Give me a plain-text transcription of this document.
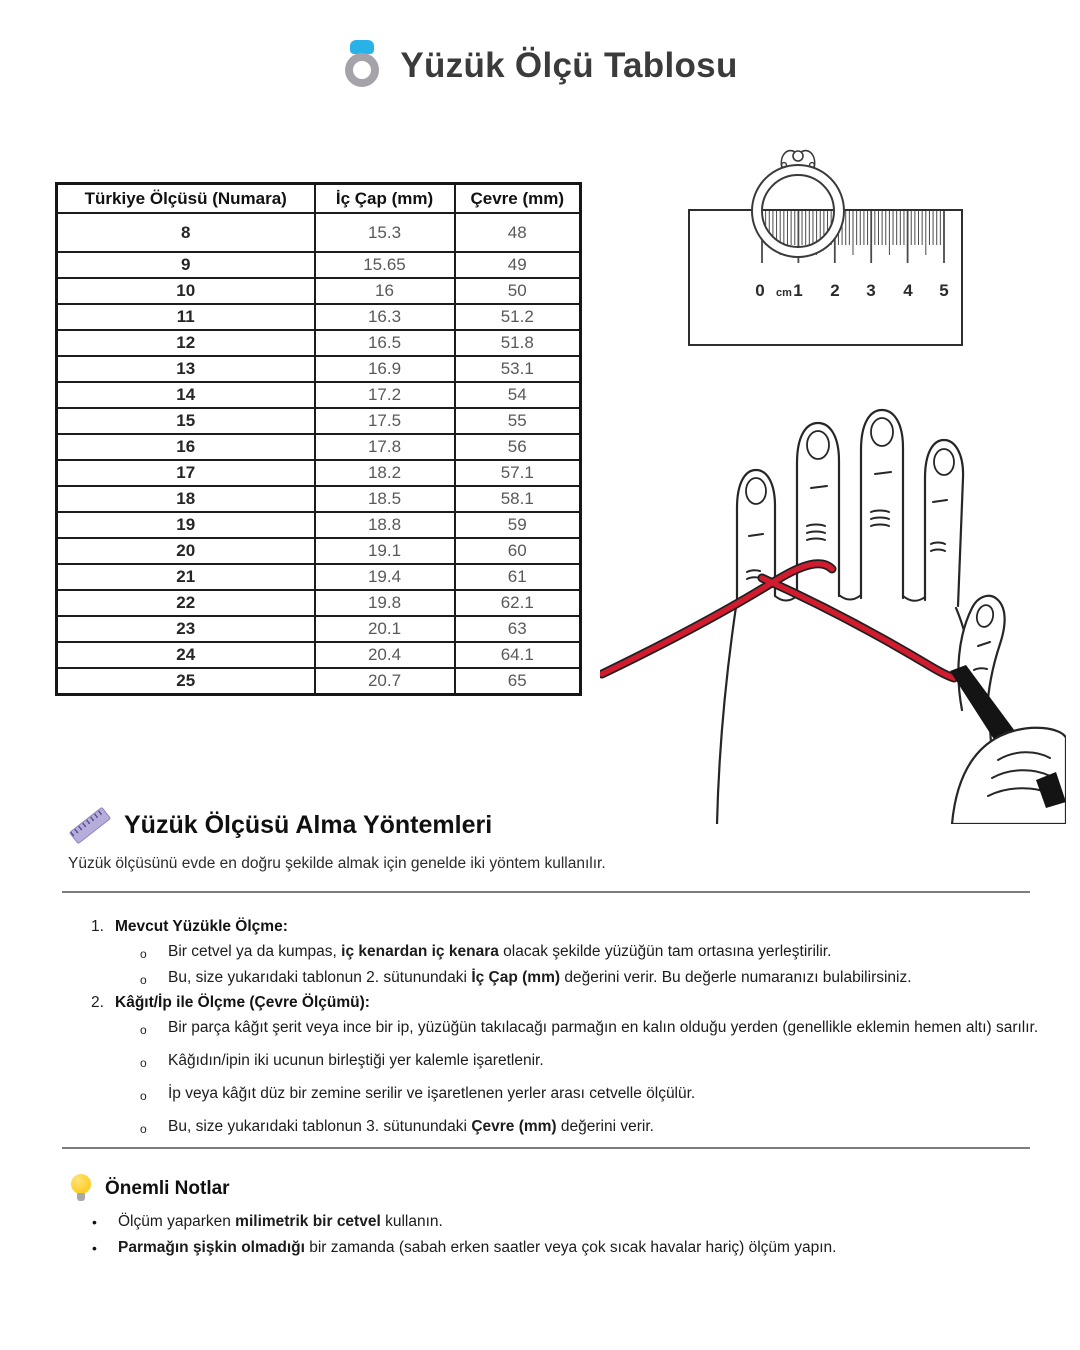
Yüzük Ölçü Tablosu
Türkiye Ölçüsü (Numara)	İç Çap (mm)	Çevre (mm)
8	15.3	48
9	15.65	49
10	16	50
11	16.3	51.2
12	16.5	51.8
13	16.9	53.1
14	17.2	54
15	17.5	55
16	17.8	56
17	18.2	57.1
18	18.5	58.1
19	18.8	59
20	19.1	60
21	19.4	61
22	19.8	62.1
23	20.1	63
24	20.4	64.1
25	20.7	65
0 cm 1 2 3 4 5
Yüzük Ölçüsü Alma Yöntemleri
Yüzük ölçüsünü evde en doğru şekilde almak için genelde iki yöntem kullanılır.
1. Mevcut Yüzükle Ölçme:
o	Bir cetvel ya da kumpas, iç kenardan iç kenara olacak şekilde yüzüğün tam ortasına yerleştirilir.
o	Bu, size yukarıdaki tablonun 2. sütunundaki İç Çap (mm) değerini verir. Bu değerle numaranızı bulabilirsiniz.
2. Kâğıt/İp ile Ölçme (Çevre Ölçümü):
o	Bir parça kâğıt şerit veya ince bir ip, yüzüğün takılacağı parmağın en kalın olduğu yerden (genellikle eklemin hemen altı) sarılır.
o	Kâğıdın/ipin iki ucunun birleştiği yer kalemle işaretlenir.
o	İp veya kâğıt düz bir zemine serilir ve işaretlenen yerler arası cetvelle ölçülür.
o	Bu, size yukarıdaki tablonun 3. sütunundaki Çevre (mm) değerini verir.
Önemli Notlar
•	Ölçüm yaparken milimetrik bir cetvel kullanın.
•	Parmağın şişkin olmadığı bir zamanda (sabah erken saatler veya çok sıcak havalar hariç) ölçüm yapın.
